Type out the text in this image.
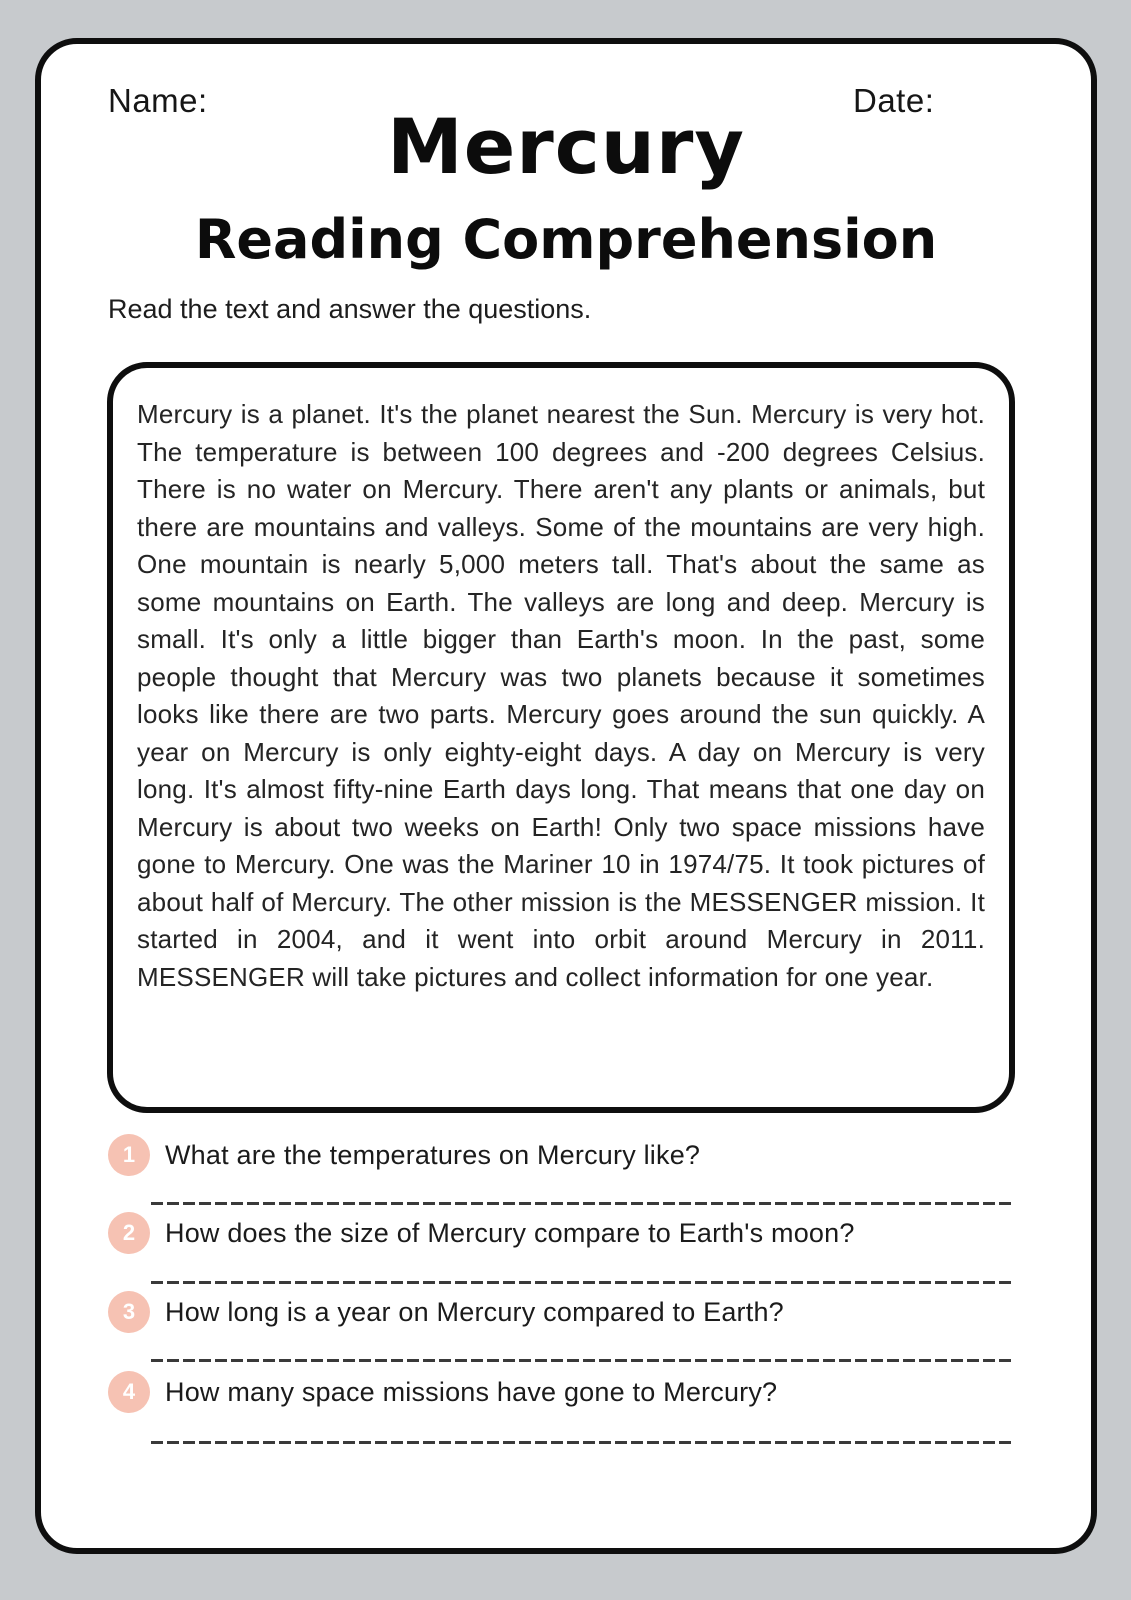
Name:	Date:
Mercury
Reading Comprehension
Read the text and answer the questions.
Mercury is a planet. It's the planet nearest the Sun. Mercury is very hot. The temperature is between 100 degrees and -200 degrees Celsius. There is no water on Mercury. There aren't any plants or animals, but there are mountains and valleys. Some of the mountains are very high. One mountain is nearly 5,000 meters tall. That's about the same as some mountains on Earth. The valleys are long and deep. Mercury is small. It's only a little bigger than Earth's moon. In the past, some people thought that Mercury was two planets because it sometimes looks like there are two parts. Mercury goes around the sun quickly. A year on Mercury is only eighty-eight days. A day on Mercury is very long. It's almost fifty-nine Earth days long. That means that one day on Mercury is about two weeks on Earth! Only two space missions have gone to Mercury. One was the Mariner 10 in 1974/75. It took pictures of about half of Mercury. The other mission is the MESSENGER mission. It started in 2004, and it went into orbit around Mercury in 2011. MESSENGER will take pictures and collect information for one year.
1	What are the temperatures on Mercury like?
2	How does the size of Mercury compare to Earth's moon?
3	How long is a year on Mercury compared to Earth?
4	How many space missions have gone to Mercury?
